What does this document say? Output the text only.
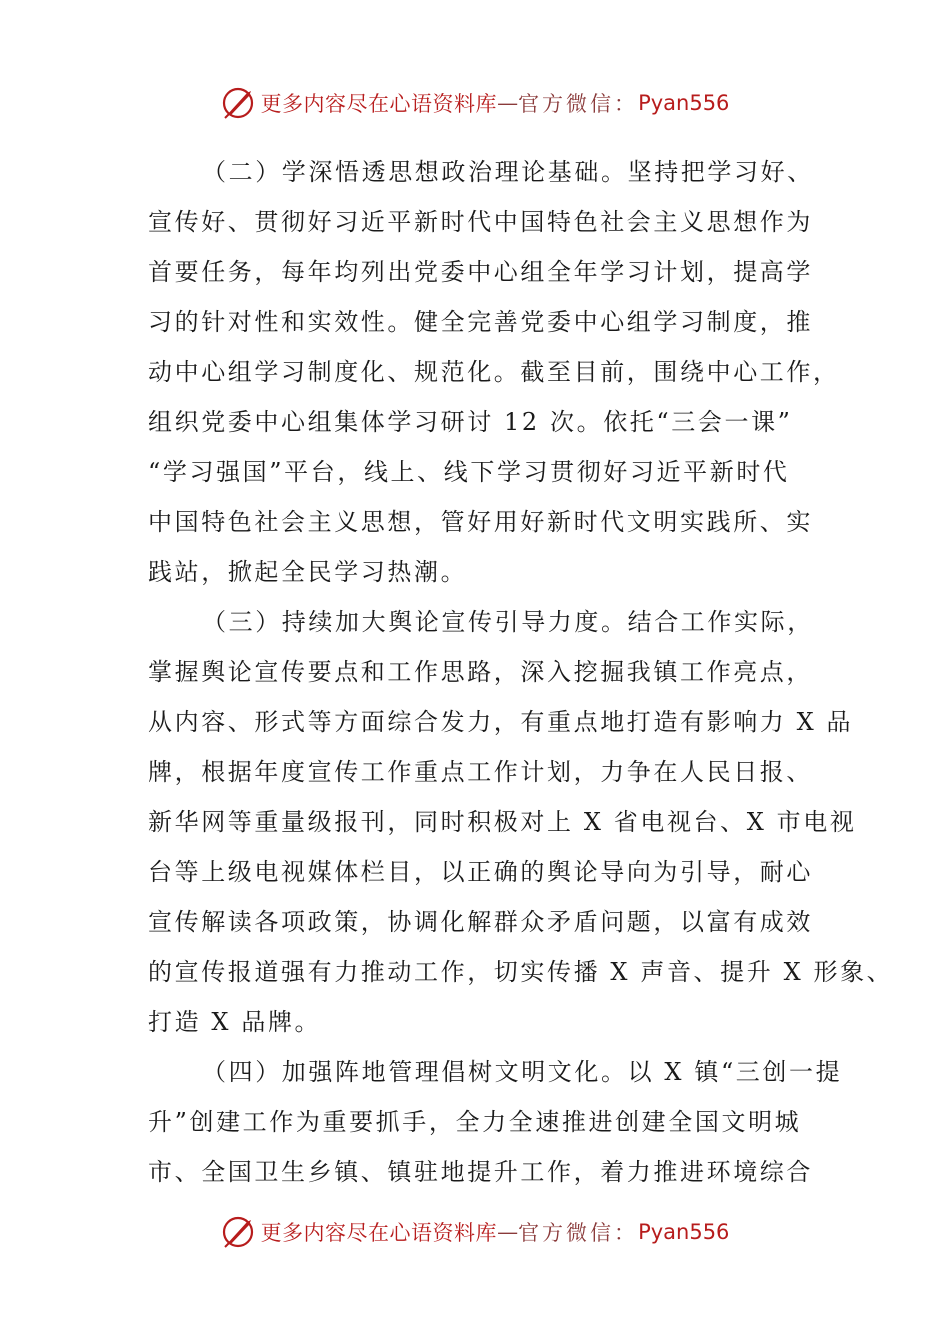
更多内容尽在心语资料库 — 官方微信： Pyan556
（二）学深悟透思想政治理论基础。坚持把学习好、
宣传好、贯彻好习近平新时代中国特色社会主义思想作为
首要任务，每年均列出党委中心组全年学习计划，提高学
习的针对性和实效性。健全完善党委中心组学习制度，推
动中心组学习制度化、规范化。截至目前，围绕中心工作，
组织党委中心组集体学习研讨 12 次。依托“三会一课”
“学习强国”平台，线上、线下学习贯彻好习近平新时代
中国特色社会主义思想，管好用好新时代文明实践所、实
践站，掀起全民学习热潮。
（三）持续加大舆论宣传引导力度。结合工作实际，
掌握舆论宣传要点和工作思路，深入挖掘我镇工作亮点，
从内容、形式等方面综合发力，有重点地打造有影响力 X 品
牌，根据年度宣传工作重点工作计划，力争在人民日报、
新华网等重量级报刊，同时积极对上 X 省电视台、X 市电视
台等上级电视媒体栏目，以正确的舆论导向为引导，耐心
宣传解读各项政策，协调化解群众矛盾问题，以富有成效
的宣传报道强有力推动工作，切实传播 X 声音、提升 X 形象、
打造 X 品牌。
（四）加强阵地管理倡树文明文化。以 X 镇“三创一提
升”创建工作为重要抓手，全力全速推进创建全国文明城
市、全国卫生乡镇、镇驻地提升工作，着力推进环境综合
更多内容尽在心语资料库 — 官方微信： Pyan556
